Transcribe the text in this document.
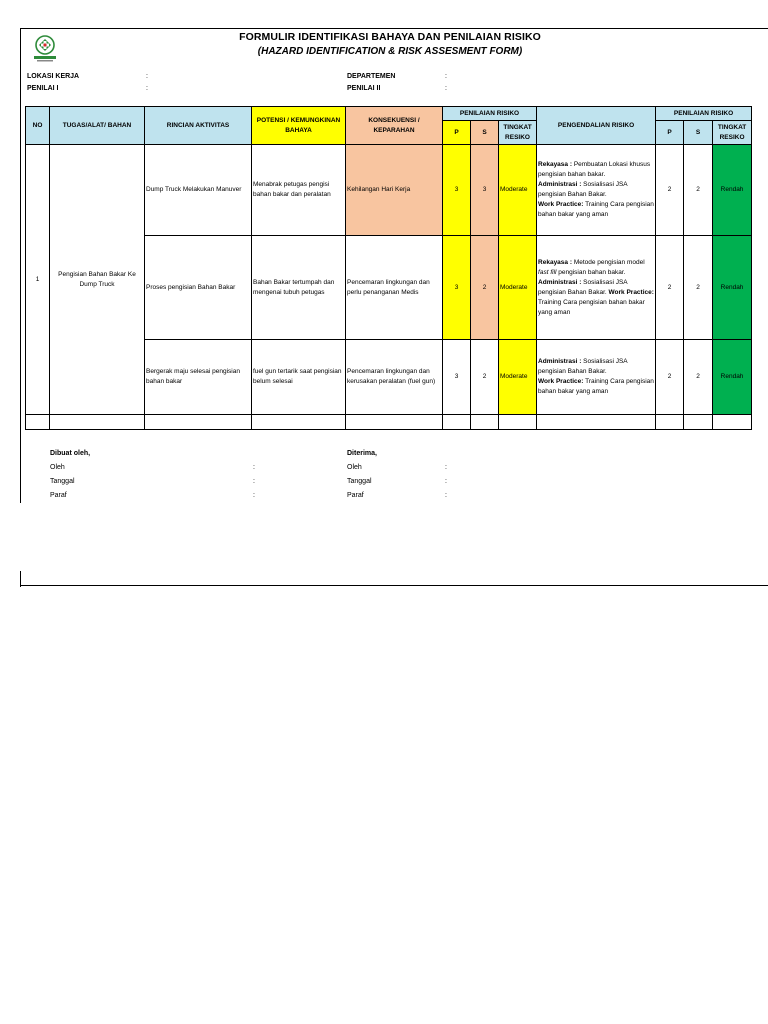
FORMULIR IDENTIFIKASI BAHAYA DAN PENILAIAN RISIKO
(HAZARD IDENTIFICATION & RISK ASSESMENT FORM)
LOKASI KERJA	:
PENILAI I	:
DEPARTEMEN	:
PENILAI II	:
NO	TUGAS/ALAT/ BAHAN	RINCIAN AKTIVITAS	POTENSI / KEMUNGKINAN BAHAYA	KONSEKUENSI / KEPARAHAN	PENILAIAN RISIKO			PENGENDALIAN RISIKO	PENILAIAN RISIKO		
					P	S	TINGKAT RESIKO		P	S	TINGKAT RESIKO
1	Pengisian Bahan Bakar Ke Dump Truck	Dump Truck Melakukan Manuver	Menabrak petugas pengisi bahan bakar dan peralatan	Kehilangan Hari Kerja	3	3	Moderate	Rekayasa : Pembuatan Lokasi khusus pengisian bahan bakar.
Administrasi : Sosialisasi JSA pengisian Bahan Bakar.
Work Practice: Training Cara pengisian bahan bakar yang aman	2	2	Rendah
		Proses pengisian Bahan Bakar	Bahan Bakar tertumpah dan mengenai tubuh petugas	Pencemaran lingkungan dan perlu penanganan Medis	3	2	Moderate	Rekayasa : Metode pengisian model fast fill pengisian bahan bakar. Administrasi : Sosialisasi JSA pengisian Bahan Bakar. Work Practice: Training Cara pengisian bahan bakar yang aman	2	2	Rendah
		Bergerak maju selesai pengisian bahan bakar	fuel gun tertarik saat pengisian belum selesai	Pencemaran lingkungan dan kerusakan peralatan (fuel gun)	3	2	Moderate	Administrasi : Sosialisasi JSA pengisian Bahan Bakar.
Work Practice: Training Cara pengisian bahan bakar yang aman	2	2	Rendah

Dibuat oleh,
Oleh	:
Tanggal	:
Paraf	:
Diterima,
Oleh	:
Tanggal	:
Paraf	:
